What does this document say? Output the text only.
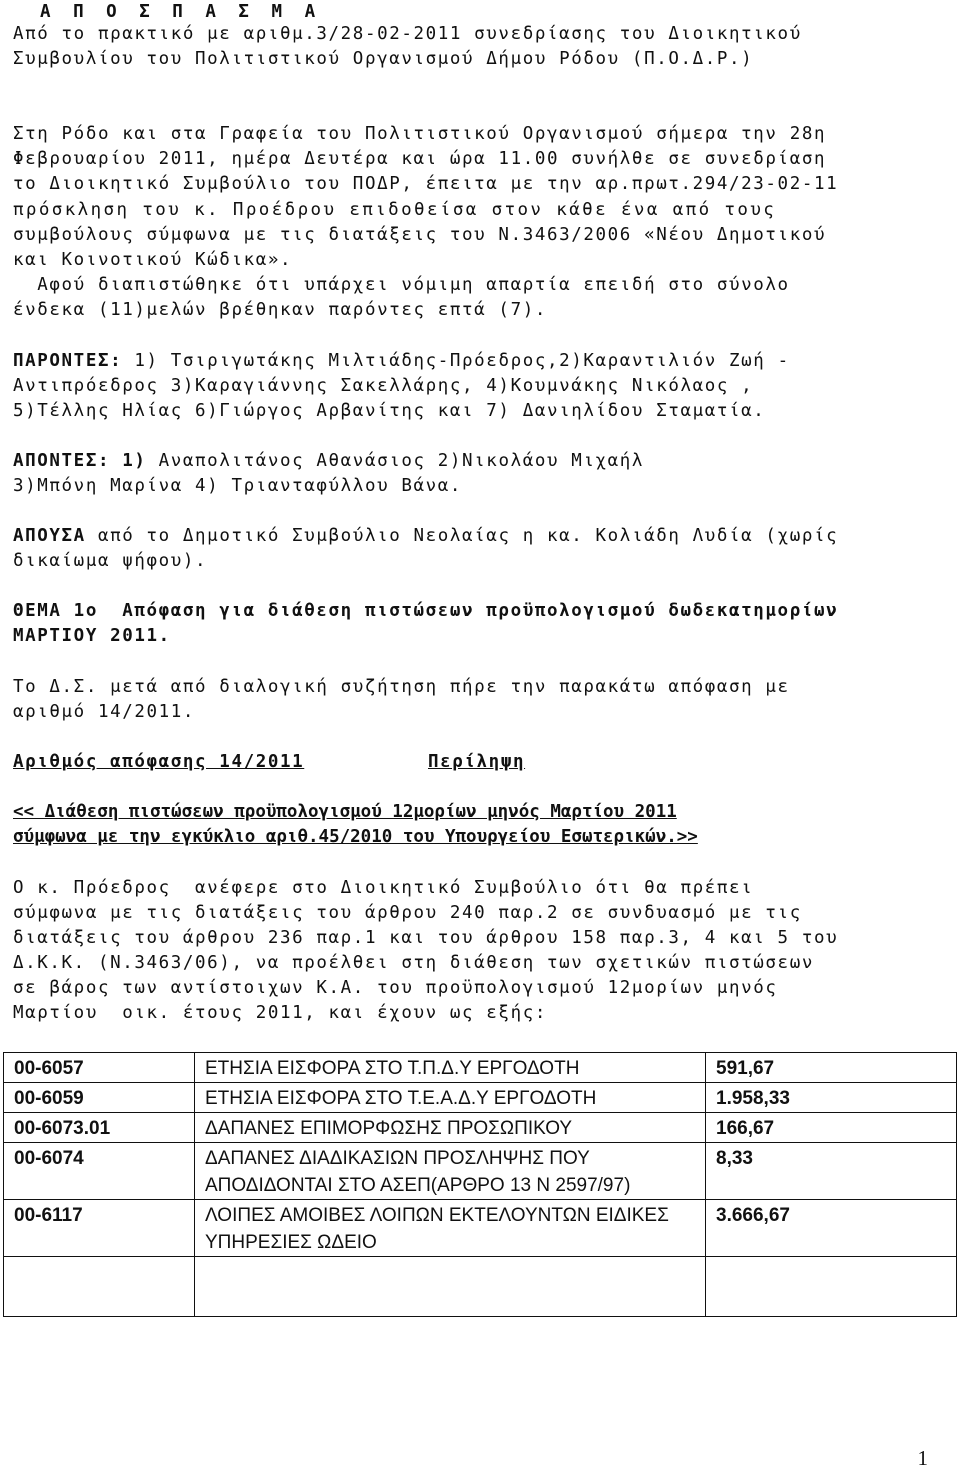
Α Π Ο Σ Π Α Σ Μ Α
Από το πρακτικό με αριθμ.3/28-02-2011 συνεδρίασης του Διοικητικού
Συμβουλίου του Πολιτιστικού Οργανισμού Δήμου Ρόδου (Π.Ο.Δ.Ρ.)
Στη Ρόδο και στα Γραφεία του Πολιτιστικού Οργανισμού σήμερα την 28η
Φεβρουαρίου 2011, ημέρα Δευτέρα και ώρα 11.00 συνήλθε σε συνεδρίαση
το Διοικητικό Συμβούλιο του ΠΟΔΡ, έπειτα με την αρ.πρωτ.294/23-02-11
πρόσκληση του κ. Προέδρου επιδοθείσα στον κάθε ένα από τους
συμβούλους σύμφωνα με τις διατάξεις του Ν.3463/2006 «Νέου Δημοτικού
και Κοινοτικού Κώδικα».
Αφού διαπιστώθηκε ότι υπάρχει νόμιμη απαρτία επειδή στο σύνολο
ένδεκα (11)μελών βρέθηκαν παρόντες επτά (7).
ΠΑΡΟΝΤΕΣ: 1) Τσιριγωτάκης Μιλτιάδης-Πρόεδρος,2)Καραντιλιόν Ζωή -
Αντιπρόεδρος 3)Καραγιάννης Σακελλάρης, 4)Κουμνάκης Νικόλαος ,
5)Τέλλης Ηλίας 6)Γιώργος Αρβανίτης και 7) Δανιηλίδου Σταματία.
ΑΠΟΝΤΕΣ: 1) Αναπολιτάνος Αθανάσιος 2)Νικολάου Μιχαήλ
3)Μπόνη Μαρίνα 4) Τριανταφύλλου Βάνα.
ΑΠΟΥΣΑ από το Δημοτικό Συμβούλιο Νεολαίας η κα. Κολιάδη Λυδία (χωρίς
δικαίωμα ψήφου).
ΘΕΜΑ 1ο  Απόφαση για διάθεση πιστώσεων προϋπολογισμού δωδεκατημορίων
ΜΑΡΤΙΟΥ 2011.
Το Δ.Σ. μετά από διαλογική συζήτηση πήρε την παρακάτω απόφαση με
αριθμό 14/2011.
Αριθμός απόφασης 14/2011	Περίληψη
<< Διάθεση πιστώσεων προϋπολογισμού 12μορίων μηνός Μαρτίου 2011
σύμφωνα με την εγκύκλιο αριθ.45/2010 του Υπουργείου Εσωτερικών.>>
Ο κ. Πρόεδρος  ανέφερε στο Διοικητικό Συμβούλιο ότι θα πρέπει
σύμφωνα με τις διατάξεις του άρθρου 240 παρ.2 σε συνδυασμό με τις
διατάξεις του άρθρου 236 παρ.1 και του άρθρου 158 παρ.3, 4 και 5 του
Δ.Κ.Κ. (Ν.3463/06), να προέλθει στη διάθεση των σχετικών πιστώσεων
σε βάρος των αντίστοιχων Κ.Α. του προϋπολογισμού 12μορίων μηνός
Μαρτίου  οικ. έτους 2011, και έχουν ως εξής:
00-6057	ΕΤΗΣΙΑ ΕΙΣΦΟΡΑ ΣΤΟ Τ.Π.Δ.Υ ΕΡΓΟΔΟΤΗ	591,67
00-6059	ΕΤΗΣΙΑ ΕΙΣΦΟΡΑ ΣΤΟ Τ.Ε.Α.Δ.Υ ΕΡΓΟΔΟΤΗ	1.958,33
00-6073.01	ΔΑΠΑΝΕΣ ΕΠΙΜΟΡΦΩΣΗΣ ΠΡΟΣΩΠΙΚΟΥ	166,67
00-6074	ΔΑΠΑΝΕΣ ΔΙΑΔΙΚΑΣΙΩΝ ΠΡΟΣΛΗΨΗΣ ΠΟΥ ΑΠΟΔΙΔΟΝΤΑΙ ΣΤΟ ΑΣΕΠ(ΑΡΘΡΟ 13 Ν 2597/97)	8,33
00-6117	ΛΟΙΠΕΣ ΑΜΟΙΒΕΣ ΛΟΙΠΩΝ ΕΚΤΕΛΟΥΝΤΩΝ ΕΙΔΙΚΕΣ ΥΠΗΡΕΣΙΕΣ ΩΔΕΙΟ	3.666,67

1
